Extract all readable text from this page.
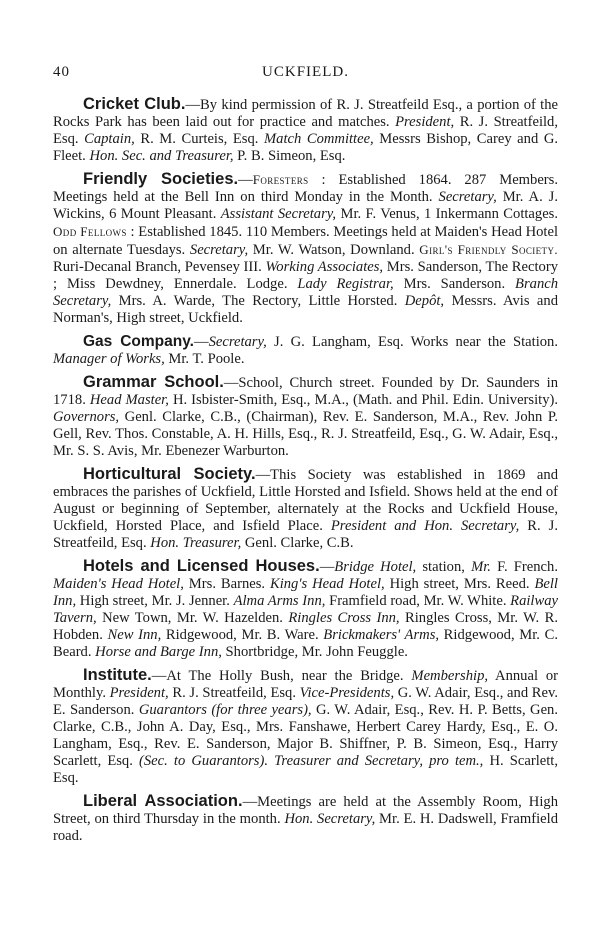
40	UCKFIELD.

Cricket Club.—By kind permission of R. J. Streatfeild Esq., a portion of the Rocks Park has been laid out for practice and matches. President, R. J. Streatfeild, Esq. Captain, R. M. Curteis, Esq. Match Committee, Messrs Bishop, Carey and G. Fleet. Hon. Sec. and Treasurer, P. B. Simeon, Esq.

Friendly Societies.—Foresters : Established 1864. 287 Members. Meetings held at the Bell Inn on third Monday in the Month. Secretary, Mr. A. J. Wickins, 6 Mount Pleasant. Assistant Secretary, Mr. F. Venus, 1 Inkermann Cottages. Odd Fellows : Established 1845. 110 Members. Meetings held at Maiden's Head Hotel on alternate Tuesdays. Secretary, Mr. W. Watson, Downland. Girl's Friendly Society. Ruri-Decanal Branch, Pevensey III. Working Associates, Mrs. Sanderson, The Rectory ; Miss Dewdney, Ennerdale. Lodge. Lady Registrar, Mrs. Sanderson. Branch Secretary, Mrs. A. Warde, The Rectory, Little Horsted. Depôt, Messrs. Avis and Norman's, High street, Uckfield.

Gas Company.—Secretary, J. G. Langham, Esq. Works near the Station. Manager of Works, Mr. T. Poole.

Grammar School.—School, Church street. Founded by Dr. Saunders in 1718. Head Master, H. Isbister-Smith, Esq., M.A., (Math. and Phil. Edin. University). Governors, Genl. Clarke, C.B., (Chairman), Rev. E. Sanderson, M.A., Rev. John P. Gell, Rev. Thos. Constable, A. H. Hills, Esq., R. J. Streatfeild, Esq., G. W. Adair, Esq., Mr. S. S. Avis, Mr. Ebenezer Warburton.

Horticultural Society.—This Society was established in 1869 and embraces the parishes of Uckfield, Little Horsted and Isfield. Shows held at the end of August or beginning of September, alternately at the Rocks and Uckfield House, Uckfield, Horsted Place, and Isfield Place. President and Hon. Secretary, R. J. Streatfeild, Esq. Hon. Treasurer, Genl. Clarke, C.B.

Hotels and Licensed Houses.—Bridge Hotel, station, Mr. F. French. Maiden's Head Hotel, Mrs. Barnes. King's Head Hotel, High street, Mrs. Reed. Bell Inn, High street, Mr. J. Jenner. Alma Arms Inn, Framfield road, Mr. W. White. Railway Tavern, New Town, Mr. W. Hazelden. Ringles Cross Inn, Ringles Cross, Mr. W. R. Hobden. New Inn, Ridgewood, Mr. B. Ware. Brickmakers' Arms, Ridgewood, Mr. C. Beard. Horse and Barge Inn, Shortbridge, Mr. John Feuggle.

Institute.—At The Holly Bush, near the Bridge. Membership, Annual or Monthly. President, R. J. Streatfeild, Esq. Vice-Presidents, G. W. Adair, Esq., and Rev. E. Sanderson. Guarantors (for three years), G. W. Adair, Esq., Rev. H. P. Betts, Gen. Clarke, C.B., John A. Day, Esq., Mrs. Fanshawe, Herbert Carey Hardy, Esq., E. O. Langham, Esq., Rev. E. Sanderson, Major B. Shiffner, P. B. Simeon, Esq., Harry Scarlett, Esq. (Sec. to Guarantors). Treasurer and Secretary, pro tem., H. Scarlett, Esq.

Liberal Association.—Meetings are held at the Assembly Room, High Street, on third Thursday in the month. Hon. Secretary, Mr. E. H. Dadswell, Framfield road.
